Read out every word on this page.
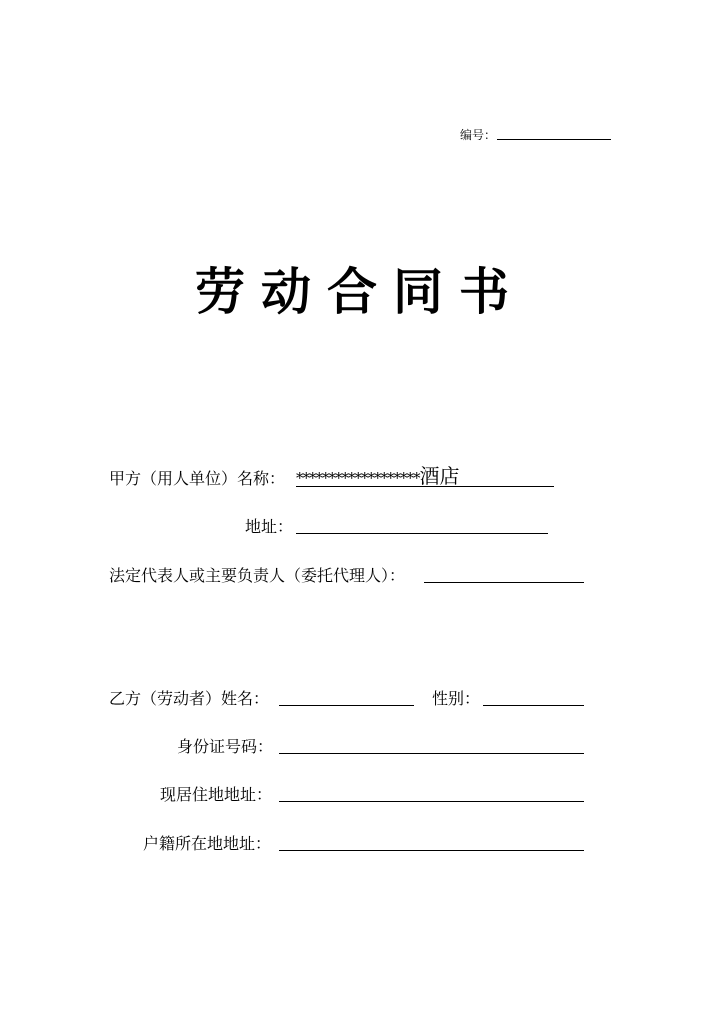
编号：
劳动合同书
甲方（用人单位）名称： *******************酒店
地址：
法定代表人或主要负责人（委托代理人）：
乙方（劳动者）姓名：	性别：
身份证号码：
现居住地地址：
户籍所在地地址：
